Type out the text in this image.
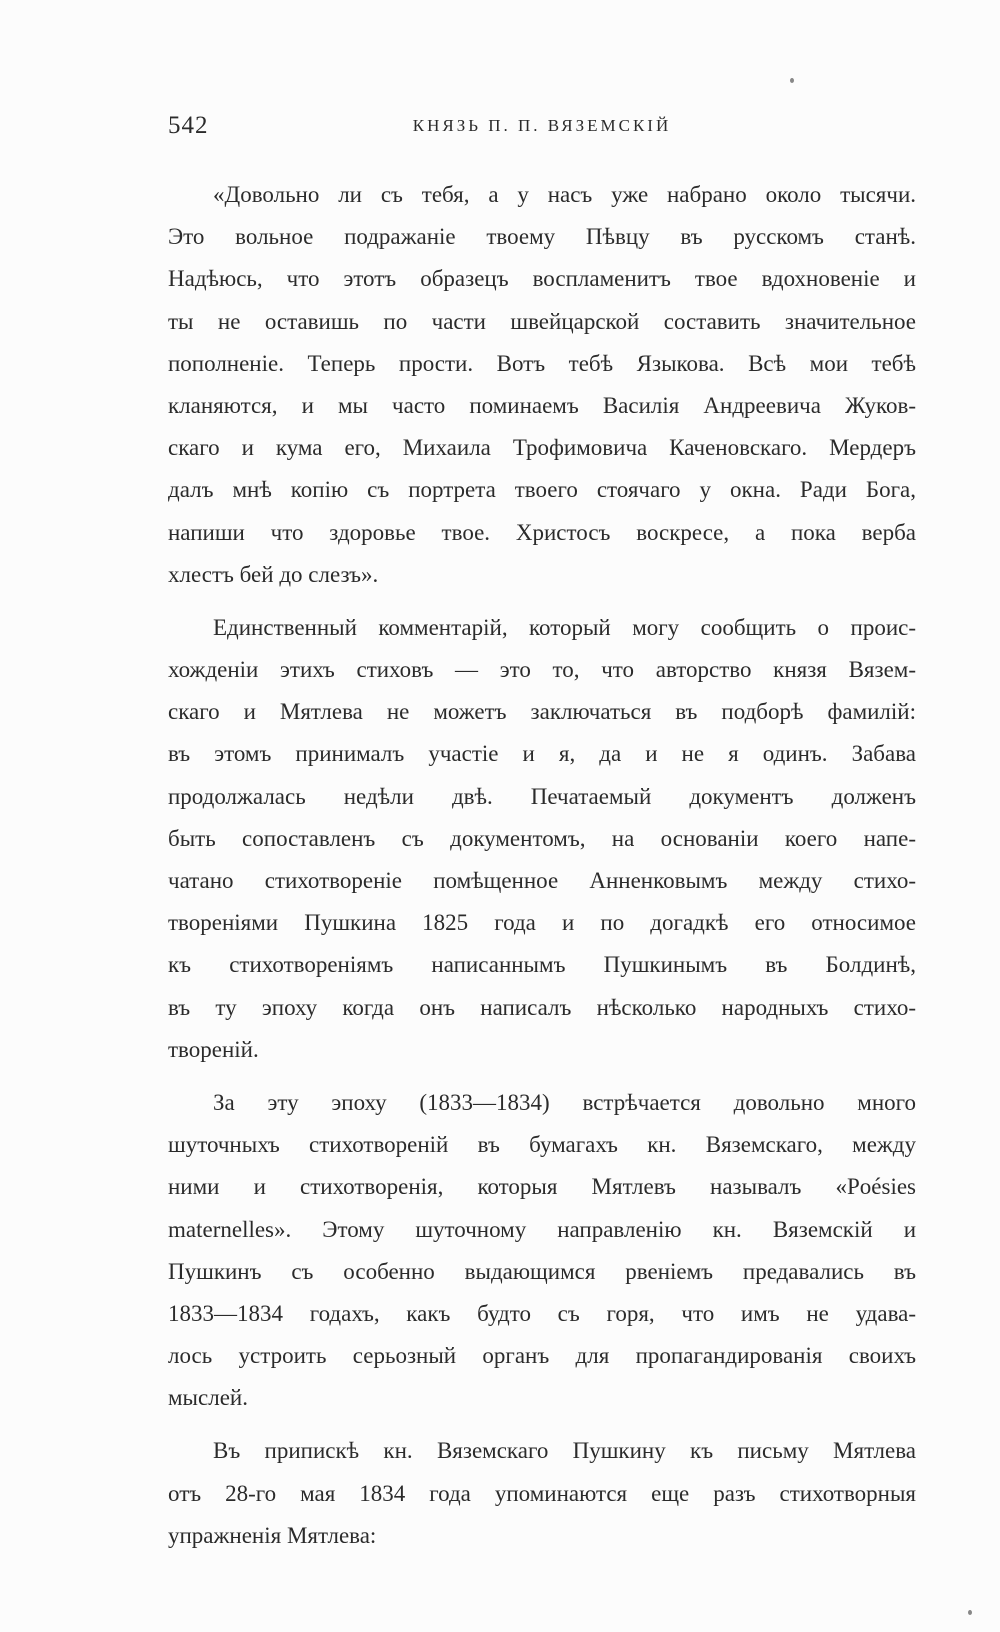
542	КНЯЗЬ П. П. ВЯЗЕМСКІЙ
«Довольно ли съ тебя, а у насъ уже набрано около тысячи.
Это вольное подражаніе твоему Пѣвцу въ русскомъ станѣ.
Надѣюсь, что этотъ образецъ воспламенитъ твое вдохновеніе и
ты не оставишь по части швейцарской составить значительное
пополненіе. Теперь прости. Вотъ тебѣ Языкова. Всѣ мои тебѣ
кланяются, и мы часто поминаемъ Василія Андреевича Жуков-
скаго и кума его, Михаила Трофимовича Каченовскаго. Мердеръ
далъ мнѣ копію съ портрета твоего стоячаго у окна. Ради Бога,
напиши что здоровье твое. Христосъ воскресе, а пока верба
хлестъ бей до слезъ».
Единственный комментарій, который могу сообщить о проис-
хожденіи этихъ стиховъ — это то, что авторство князя Вязем-
скаго и Мятлева не можетъ заключаться въ подборѣ фамилій:
въ этомъ принималъ участіе и я, да и не я одинъ. Забава
продолжалась недѣли двѣ. Печатаемый документъ долженъ
быть сопоставленъ съ документомъ, на основаніи коего напе-
чатано стихотвореніе помѣщенное Анненковымъ между стихо-
твореніями Пушкина 1825 года и по догадкѣ его относимое
къ стихотвореніямъ написаннымъ Пушкинымъ въ Болдинѣ,
въ ту эпоху когда онъ написалъ нѣсколько народныхъ стихо-
твореній.
За эту эпоху (1833—1834) встрѣчается довольно много
шуточныхъ стихотвореній въ бумагахъ кн. Вяземскаго, между
ними и стихотворенія, которыя Мятлевъ называлъ «Poésies
maternelles». Этому шуточному направленію кн. Вяземскій и
Пушкинъ съ особенно выдающимся рвеніемъ предавались въ
1833—1834 годахъ, какъ будто съ горя, что имъ не удава-
лось устроить серьозный органъ для пропагандированія своихъ
мыслей.
Въ припискѣ кн. Вяземскаго Пушкину къ письму Мятлева
отъ 28-го мая 1834 года упоминаются еще разъ стихотворныя
упражненія Мятлева:
